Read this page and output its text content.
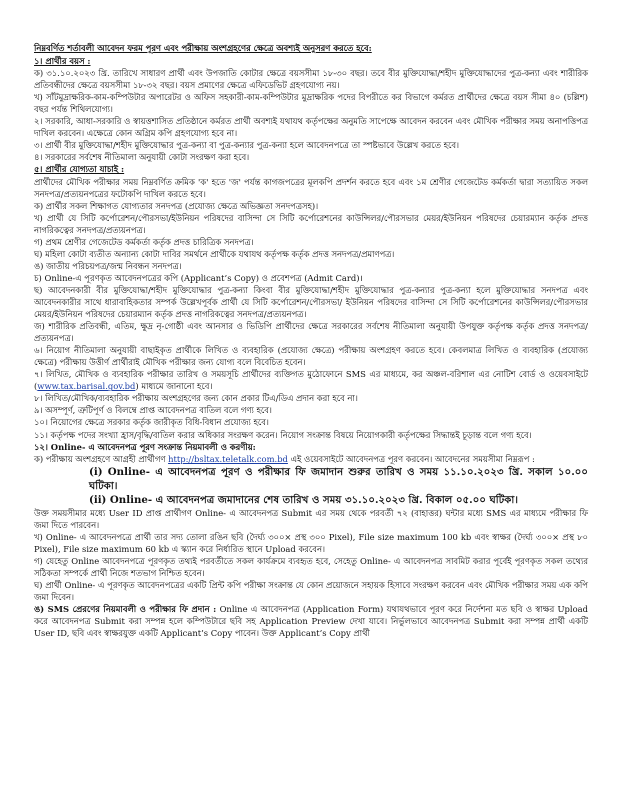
নিম্নবর্ণিত শর্তাবলী আবেদন ফরম পূরণ এবং পরীক্ষায় অংশগ্রহণের ক্ষেত্রে অবশ্যই অনুসরণ করতে হবে:

১। প্রার্থীর বয়স :

ক) ৩১.১০.২০২৩ খ্রি. তারিখে সাধারণ প্রার্থী এবং উপজাতি কোটার ক্ষেত্রে বয়সসীমা ১৮-৩০ বছর। তবে বীর মুক্তিযোদ্ধা/শহীদ মুক্তিযোদ্ধাদের পুত্র-কন্যা এবং শারীরিক প্রতিবন্ধীদের ক্ষেত্রে বয়সসীমা ১৮-৩২ বছর। বয়স প্রমাণের ক্ষেত্রে এফিডেভিট গ্রহণযোগ্য নয়।

খ) সাঁটমুদ্রাক্ষরিক-কাম-কম্পিউটার অপারেটর ও অফিস সহকারী-কাম-কম্পিউটার মুদ্রাক্ষরিক পদের বিপরীতে কর বিভাগে কর্মরত প্রার্থীদের ক্ষেত্রে বয়স সীমা ৪০ (চল্লিশ) বছর পর্যন্ত শিথিলযোগ্য।

২। সরকারি, আধা-সরকারি ও স্বায়ত্তশাসিত প্রতিষ্ঠানে কর্মরত প্রার্থী অবশ্যই যথাযথ কর্তৃপক্ষের অনুমতি সাপেক্ষে আবেদন করবেন এবং মৌখিক পরীক্ষার সময় অনাপত্তিপত্র দাখিল করবেন। এক্ষেত্রে কোন অগ্রিম কপি গ্রহণযোগ্য হবে না।

৩। প্রার্থী বীর মুক্তিযোদ্ধা/শহীদ মুক্তিযোদ্ধার পুত্র-কন্যা বা পুত্র-কন্যার পুত্র-কন্যা হলে আবেদনপত্রে তা স্পষ্টভাবে উল্লেখ করতে হবে।

৪। সরকারের সর্বশেষ নীতিমালা অনুযায়ী কোটা সংরক্ষণ করা হবে।

৫। প্রার্থীর যোগ্যতা যাচাই :

প্রার্থীদের মৌখিক পরীক্ষার সময় নিম্নবর্ণিত ক্রমিক 'ক' হতে 'জ' পর্যন্ত কাগজপত্রের মূলকপি প্রদর্শন করতে হবে এবং ১ম শ্রেণীর গেজেটেড কর্মকর্তা দ্বারা সত্যায়িত সকল সনদপত্র/প্রত্যয়নপত্রের ফটোকপি দাখিল করতে হবে।

ক) প্রার্থীর সকল শিক্ষাগত যোগ্যতার সনদপত্র (প্রযোজ্য ক্ষেত্রে অভিজ্ঞতা সনদপত্রসহ)।

খ) প্রার্থী যে সিটি কর্পোরেশন/পৌরসভা/ইউনিয়ন পরিষদের বাসিন্দা সে সিটি কর্পোরেশনের কাউন্সিলর/পৌরসভার মেয়র/ইউনিয়ন পরিষদের চেয়ারম্যান কর্তৃক প্রদত্ত নাগরিকত্বের সনদপত্র/প্রত্যয়নপত্র।

গ) প্রথম শ্রেণীর গেজেটেড কর্মকর্তা কর্তৃক প্রদত্ত চারিত্রিক সনদপত্র।

ঘ) মহিলা কোটা ব্যতীত অন্যান্য কোটা দাবির সমর্থনে প্রার্থীকে যথাযথ কর্তৃপক্ষ কর্তৃক প্রদত্ত সনদপত্র/প্রমাণপত্র।

ঙ) জাতীয় পরিচয়পত্র/জন্ম নিবন্ধন সনদপত্র।

চ) Online-এ পূরণকৃত আবেদনপত্রের কপি (Applicant’s Copy) ও প্রবেশপত্র (Admit Card)।

ছ) আবেদনকারী বীর মুক্তিযোদ্ধা/শহীদ মুক্তিযোদ্ধার পুত্র-কন্যা কিংবা বীর মুক্তিযোদ্ধা/শহীদ মুক্তিযোদ্ধার পুত্র-কন্যার পুত্র-কন্যা হলে মুক্তিযোদ্ধার সনদপত্র এবং আবেদনকারীর সাথে ধারাবাহিকতার সম্পর্ক উল্লেখপূর্বক প্রার্থী যে সিটি কর্পোরেশন/পৌরসভা/ ইউনিয়ন পরিষদের বাসিন্দা সে সিটি কর্পোরেশনের কাউন্সিলর/পৌরসভার মেয়র/ইউনিয়ন পরিষদের চেয়ারম্যান কর্তৃক প্রদত্ত নাগরিকত্বের সনদপত্র/প্রত্যয়নপত্র।

জ) শারীরিক প্রতিবন্ধী, এতিম, ক্ষুদ্র নৃ-গোষ্ঠী এবং আনসার ও ভিডিপি প্রার্থীদের ক্ষেত্রে সরকারের সর্বশেষ নীতিমালা অনুযায়ী উপযুক্ত কর্তৃপক্ষ কর্তৃক প্রদত্ত সনদপত্র/প্রত্যয়নপত্র।

৬। নিয়োগ নীতিমালা অনুযায়ী বাছাইকৃত প্রার্থীকে লিখিত ও ব্যবহারিক (প্রযোজ্য ক্ষেত্রে) পরীক্ষায় অংশগ্রহণ করতে হবে। কেবলমাত্র লিখিত ও ব্যবহারিক (প্রযোজ্য ক্ষেত্রে) পরীক্ষায় উত্তীর্ণ প্রার্থীরাই মৌখিক পরীক্ষার জন্য যোগ্য বলে বিবেচিত হবেন।

৭। লিখিত, মৌখিক ও ব্যবহারিক পরীক্ষার তারিখ ও সময়সূচি প্রার্থীদের ব্যক্তিগত মুঠোফোনে SMS এর মাধ্যমে, কর অঞ্চল-বরিশাল এর নোটিশ বোর্ড ও ওয়েবসাইটে (www.tax.barisal.gov.bd) মাধ্যমে জানানো হবে।

৮। লিখিত/মৌখিক/ব্যবহারিক পরীক্ষায় অংশগ্রহণের জন্য কোন প্রকার টিএ/ডিএ প্রদান করা হবে না।

৯। অসম্পূর্ণ, ত্রুটিপূর্ণ ও বিলম্বে প্রাপ্ত আবেদনপত্র বাতিল বলে গণ্য হবে।

১০। নিয়োগের ক্ষেত্রে সরকার কর্তৃক জারীকৃত বিধি-বিধান প্রযোজ্য হবে।

১১। কর্তৃপক্ষ পদের সংখ্যা হ্রাস/বৃদ্ধি/বাতিল করার অধিকার সংরক্ষণ করেন। নিয়োগ সংক্রান্ত বিষয়ে নিয়োগকারী কর্তৃপক্ষের সিদ্ধান্তই চূড়ান্ত বলে গণ্য হবে।

১২। Online- এ আবেদনপত্র পূরণ সংক্রান্ত নিয়মাবলী ও করণীয়:

ক) পরীক্ষায় অংশগ্রহণে আগ্রহী প্রার্থীগণ http://bsltax.teletalk.com.bd এই ওয়েবসাইটে আবেদনপত্র পূরণ করবেন। আবেদনের সময়সীমা নিম্নরূপ :

(i) Online- এ আবেদনপত্র পূরণ ও পরীক্ষার ফি জমাদান শুরুর তারিখ ও সময় ১১.১০.২০২৩ খ্রি. সকাল ১০.০০ ঘটিকা।

(ii) Online- এ আবেদনপত্র জমাদানের শেষ তারিখ ও সময় ৩১.১০.২০২৩ খ্রি. বিকাল ০৫.০০ ঘটিকা।

উক্ত সময়সীমার মধ্যে User ID প্রাপ্ত প্রার্থীগণ Online- এ আবেদনপত্র Submit এর সময় থেকে পরবর্তী ৭২ (বাহাত্তর) ঘন্টার মধ্যে SMS এর মাধ্যমে পরীক্ষার ফি জমা দিতে পারবেন।

খ) Online- এ আবেদনপত্রে প্রার্থী তার সদ্য তোলা রঙিন ছবি (দৈর্ঘ্য ৩০০× প্রস্থ ৩০০ Pixel), File size maximum 100 kb এবং স্বাক্ষর (দৈর্ঘ্য ৩০০× প্রস্থ ৮০ Pixel), File size maximum 60 kb এ স্ক্যান করে নির্ধারিত স্থানে Upload করবেন।

গ) যেহেতু Online আবেদনপত্রে পূরণকৃত তথ্যই পরবর্তীতে সকল কার্যক্রমে ব্যবহৃত হবে, সেহেতু Online- এ আবেদনপত্র সাবমিট করার পূর্বেই পূরণকৃত সকল তথ্যের সঠিকতা সম্পর্কে প্রার্থী নিজে শতভাগ নিশ্চিত হবেন।

ঘ) প্রার্থী Online- এ পূরণকৃত আবেদনপত্রের একটি প্রিন্ট কপি পরীক্ষা সংক্রান্ত যে কোন প্রয়োজনে সহায়ক হিসাবে সংরক্ষণ করবেন এবং মৌখিক পরীক্ষার সময় এক কপি জমা দিবেন।

ঙ) SMS প্রেরণের নিয়মাবলী ও পরীক্ষার ফি প্রদান : Online এ আবেদনপত্র (Application Form) যথাযথভাবে পূরণ করে নির্দেশনা মত ছবি ও স্বাক্ষর Upload করে আবেদনপত্র Submit করা সম্পন্ন হলে কম্পিউটারে ছবি সহ Application Preview দেখা যাবে। নির্ভুলভাবে আবেদনপত্র Submit করা সম্পন্ন প্রার্থী একটি User ID, ছবি এবং স্বাক্ষরযুক্ত একটি Applicant’s Copy পাবেন। উক্ত Applicant’s Copy প্রার্থী
